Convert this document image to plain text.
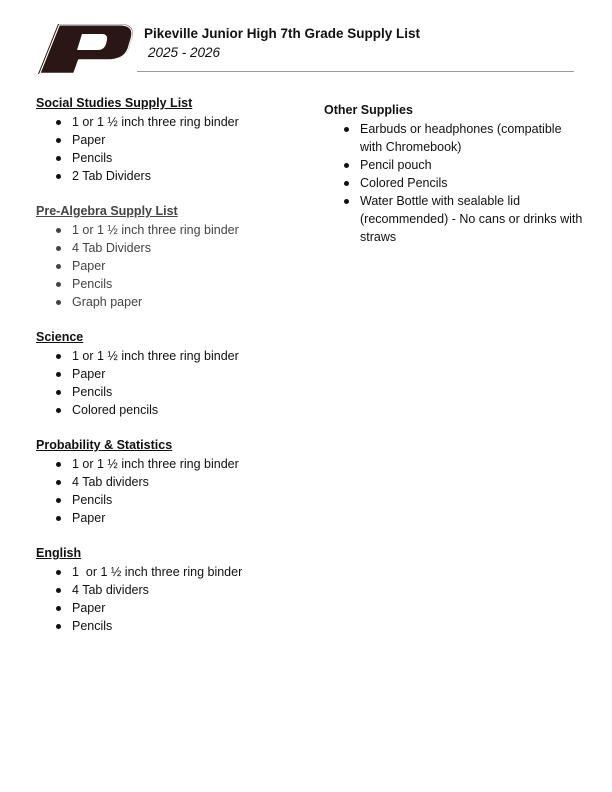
Pikeville Junior High 7th Grade Supply List
2025 - 2026

Social Studies Supply List

1 or 1 ½ inch three ring binder
Paper
Pencils
2 Tab Dividers

Pre-Algebra Supply List

1 or 1 ½ inch three ring binder
4 Tab Dividers
Paper
Pencils
Graph paper

Science

1 or 1 ½ inch three ring binder
Paper
Pencils
Colored pencils

Probability & Statistics

1 or 1 ½ inch three ring binder
4 Tab dividers
Pencils
Paper

English

1  or 1 ½ inch three ring binder
4 Tab dividers
Paper
Pencils

Other Supplies

Earbuds or headphones (compatible with Chromebook)
Pencil pouch
Colored Pencils
Water Bottle with sealable lid (recommended) - No cans or drinks with straws
